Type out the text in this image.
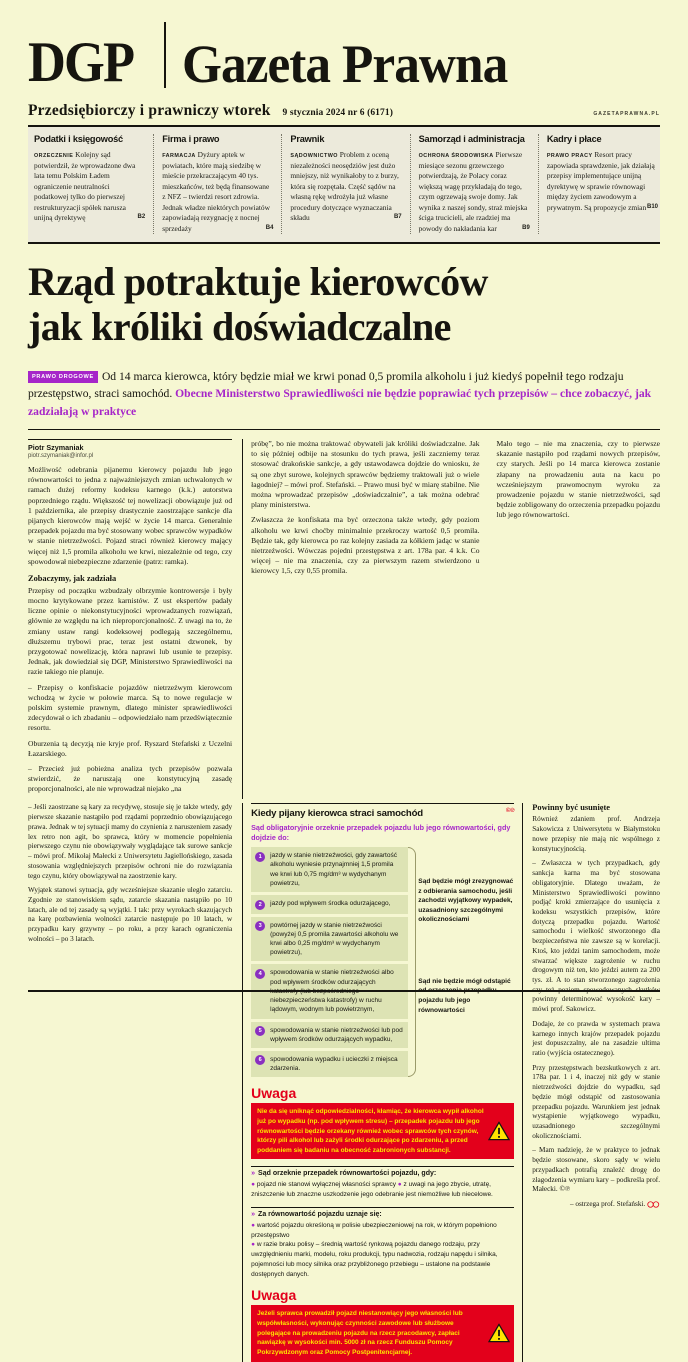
DGP Gazeta Prawna
Przedsiębiorczy i prawniczy wtorek 9 stycznia 2024 nr 6 (6171)	GAZETAPRAWNA.PL
Podatki i księgowość

ORZECZENIE Kolejny sąd potwierdził, że wprowadzone dwa lata temu Polskim Ładem ograniczenie neutralności podatkowej tylko do pierwszej restrukturyzacji spółek narusza unijną dyrektywę	B2

Firma i prawo

FARMACJA Dyżury aptek w powiatach, które mają siedzibę w mieście przekraczającym 40 tys. mieszkańców, też będą finansowane z NFZ – twierdzi resort zdrowia. Jednak władze niektórych powiatów zapowiadają rezygnację z nocnej sprzedaży	B4

Prawnik

SĄDOWNICTWO Problem z oceną niezależności neosędziów jest dużo mniejszy, niż wynikałoby to z burzy, która się rozpętała. Część sądów na własną rękę wdrożyła już własne procedury dotyczące wyznaczania składu	B7

Samorząd i administracja

OCHRONA ŚRODOWISKA Pierwsze miesiące sezonu grzewczego potwierdzają, że Polacy coraz większą wagę przykładają do tego, czym ogrzewają swoje domy. Jak wynika z naszej sondy, straż miejska ściga trucicieli, ale rzadziej ma powody do nakładania kar	B9

Kadry i płace

PRAWO PRACY Resort pracy zapowiada sprawdzenie, jak działają przepisy implementujące unijną dyrektywę w sprawie równowagi między życiem zawodowym a prywatnym. Są propozycje zmian B10

Rząd potraktuje kierowców
jak króliki doświadczalne

PRAWO DROGOWE Od 14 marca kierowca, który będzie miał we krwi ponad 0,5 promila alkoholu i już kiedyś popełnił tego rodzaju przestępstwo, straci samochód. Obecne Ministerstwo Sprawiedliwości nie będzie poprawiać tych przepisów – chce zobaczyć, jak zadziałają w praktyce

Piotr Szymaniak
piotr.szymaniak@infor.pl

Możliwość odebrania pijanemu kierowcy pojazdu lub jego równowartości to jedna z najważniejszych zmian uchwalonych w ramach dużej reformy kodeksu karnego (k.k.) autorstwa poprzedniego rządu. Większość tej nowelizacji obowiązuje już od 1 października, ale przepisy drastycznie zaostrzające sankcje dla pijanych kierowców mają wejść w życie 14 marca. Generalnie przepadek pojazdu ma być stosowany wobec sprawców wypadków w stanie nietrzeźwości. Pojazd straci również kierowcy mający więcej niż 1,5 promila alkoholu we krwi, niezależnie od tego, czy spowodował niebezpieczne zdarzenie (patrz: ramka).

Zobaczymy, jak zadziała

Przepisy od początku wzbudzały olbrzymie kontrowersje i były mocno krytykowane przez karnistów. Z ust ekspertów padały liczne opinie o niekonstytucyjności wprowadzanych rozwiązań, głównie ze względu na ich nieproporcjonalność. Z uwagi na to, że zmiany ustaw rangi kodeksowej podlegają szczególnemu, dłuższemu trybowi prac, teraz jest ostatni dzwonek, by przygotować nowelizację, która naprawi lub usunie te przepisy. Jednak, jak dowiedział się DGP, Ministerstwo Sprawiedliwości na razie takiego nie planuje.

– Przepisy o konfiskacie pojazdów nietrzeźwym kierowcom wchodzą w życie w połowie marca. Są to nowe regulacje w polskim systemie prawnym, dlatego minister sprawiedliwości zdecydował o ich zbadaniu – odpowiedziało nam przedświątecznie resortu.

Oburzenia tą decyzją nie kryje prof. Ryszard Stefański z Uczelni Łazarskiego.

– Przecież już pobieżna analiza tych przepisów pozwala stwierdzić, że naruszają one konstytucyjną zasadę proporcjonalności, ale nie wprowadzał niejako „na

próbę”, bo nie można traktować obywateli jak króliki doświadczalne. Jak to się później odbije na stosunku do tych prawa, jeśli zaczniemy teraz stosować drakońskie sankcje, a gdy ustawodawca dojdzie do wniosku, że są one zbyt surowe, kolejnych sprawców będziemy traktowali już o wiele łagodniej? – mówi prof. Stefański. – Prawo musi być w miarę stabilne. Nie można wprowadzać przepisów „doświadczalnie”, a tak można odebrać plany ministerstwa.

Zwłaszcza że konfiskata ma być orzeczona także wtedy, gdy poziom alkoholu we krwi choćby minimalnie przekroczy wartość 0,5 promila. Będzie tak, gdy kierowca po raz kolejny zasiada za kółkiem jadąc w stanie nietrzeźwości. Wówczas pojedni przestępstwa z art. 178a par. 4 k.k. Co więcej – nie ma znaczenia, czy za pierwszym razem stwierdzono u kierowcy 1,5, czy 0,55 promila.

Mało tego – nie ma znaczenia, czy to pierwsze skazanie nastąpiło pod rządami nowych przepisów, czy starych. Jeśli po 14 marca kierowca zostanie złapany na prowadzeniu auta na kacu po wcześniejszym prawomocnym wyroku za prowadzenie pojazdu w stanie nietrzeźwości, sąd będzie zobligowany do orzeczenia przepadku pojazdu lub jego równowartości.

– Jeśli zaostrzane są kary za recydywę, stosuje się je także wtedy, gdy pierwsze skazanie nastąpiło pod rządami poprzednio obowiązującego prawa. Jednak w tej sytuacji mamy do czynienia z naruszeniem zasady lex retro non agit, bo sprawca, który w momencie popełnienia pierwszego czynu nie obowiązywały wyglądające tak surowe sankcje – mówi prof. Mikołaj Małecki z Uniwersytetu Jagiellońskiego, zasada stosowania względniejszych przepisów ochroni nie do rozwiązania tego czynu, który obowiązywał na zaostrzenie kary.

Wyjątek stanowi sytuacja, gdy wcześniejsze skazanie uległo zatarciu. Zgodnie ze stanowiskiem sądu, zatarcie skazania nastąpiło po 10 latach, ale od tej zasady są wyjątki. I tak: przy wyrokach skazujących na karę pozbawienia wolności zatarcie następuje po 10 latach, w przypadku kary grzywny – po roku, a przy karach ograniczenia wolności – po 3 latach.

Kiedy pijany kierowca straci samochód	©℗
Sąd obligatoryjnie orzeknie przepadek pojazdu lub jego równowartości, gdy dojdzie do:
1	jazdy w stanie nietrzeźwości, gdy zawartość alkoholu wyniesie przynajmniej 1,5 promila we krwi lub 0,75 mg/dm³ w wydychanym powietrzu,
2	jazdy pod wpływem środka odurzającego,
3	powtórnej jazdy w stanie nietrzeźwości (powyżej 0,5 promila zawartości alkoholu we krwi albo 0,25 mg/dm³ w wydychanym powietrzu),
4	spowodowania w stanie nietrzeźwości albo pod wpływem środków odurzających katastrofy (lub bezpośredniego niebezpieczeństwa katastrofy) w ruchu lądowym, wodnym lub powietrznym,
5	spowodowania w stanie nietrzeźwości lub pod wpływem środków odurzających wypadku,
6	spowodowania wypadku i ucieczki z miejsca zdarzenia.
Sąd będzie mógł zrezygnować z odbierania samochodu, jeśli zachodzi wyjątkowy wypadek, uzasadniony szczególnymi okolicznościami
Sąd nie będzie mógł odstąpić od orzeczenia przepadku pojazdu lub jego równowartości
Uwaga

Nie da się uniknąć odpowiedzialności, kłamiąc, że kierowca wypił alkohol już po wypadku (np. pod wpływem stresu) – przepadek pojazdu lub jego równowartości będzie orzekany również wobec sprawców tych czynów, którzy pili alkohol lub zażyli środki odurzające po zdarzeniu, a przed poddaniem się badaniu na obecność zabronionych substancji.

» Sąd orzeknie przepadek równowartości pojazdu, gdy:

● pojazd nie stanowi wyłącznej własności sprawcy ● z uwagi na jego zbycie, utratę, zniszczenie lub znaczne uszkodzenie jego odebranie jest niemożliwe lub niecelowe.

» Za równowartość pojazdu uznaje się:

● wartość pojazdu określoną w polisie ubezpieczeniowej na rok, w którym popełniono przestępstwo
● w razie braku polisy – średnią wartość rynkową pojazdu danego rodzaju, przy uwzględnieniu marki, modelu, roku produkcji, typu nadwozia, rodzaju napędu i silnika, pojemności lub mocy silnika oraz przybliżonego przebiegu – ustalone na podstawie dostępnych danych.

Uwaga

Jeżeli sprawca prowadził pojazd niestanowiący jego własności lub współwłasności, wykonując czynności zawodowe lub służbowe polegające na prowadzeniu pojazdu na rzecz pracodawcy, zapłaci nawiązkę w wysokości min. 5000 zł na rzecz Funduszu Pomocy Pokrzywdzonym oraz Pomocy Postpenitencjarnej.

Powinny być usunięte

Również zdaniem prof. Andrzeja Sakowicza z Uniwersytetu w Białymstoku nowe przepisy nie mają nic wspólnego z konstytucyjnością.

– Zwłaszcza w tych przypadkach, gdy sankcja karna ma być stosowana obligatoryjnie. Dlatego uważam, że Ministerstwo Sprawiedliwości powinno podjąć kroki zmierzające do usunięcia z kodeksu wszystkich przepisów, które dotyczą przepadku pojazdu. Wartość samochodu i wielkość stworzonego dla bezpieczeństwa nie zawsze są w korelacji. Ktoś, kto jeździ tanim samochodem, może stwarzać większe zagrożenie w ruchu drogowym niż ten, kto jeździ autem za 200 tys. zł. A to stan stworzonego zagrożenia czy też poziom spowodowanych skutków powinny determinować wysokość kary – mówi prof. Sakowicz.

Dodaje, że co prawda w systemach prawa karnego innych krajów przepadek pojazdu jest dopuszczalny, ale na zasadzie ultima ratio (wyjścia ostatecznego).

Przy przestępstwach bezskutkowych z art. 178a par. 1 i 4, inaczej niż gdy w stanie nietrzeźwości dojdzie do wypadku, sąd będzie mógł odstąpić od zastosowania przepadku pojazdu. Warunkiem jest jednak wystąpienie wyjątkowego wypadku, uzasadnionego szczególnymi okolicznościami.

– Mam nadzieję, że w praktyce to jednak będzie stosowane, skoro sądy w wielu przypadkach potrafią znaleźć drogę do złagodzenia wymiaru kary – podkreśla prof. Małecki. ©℗

– ostrzega prof. Stefański.
